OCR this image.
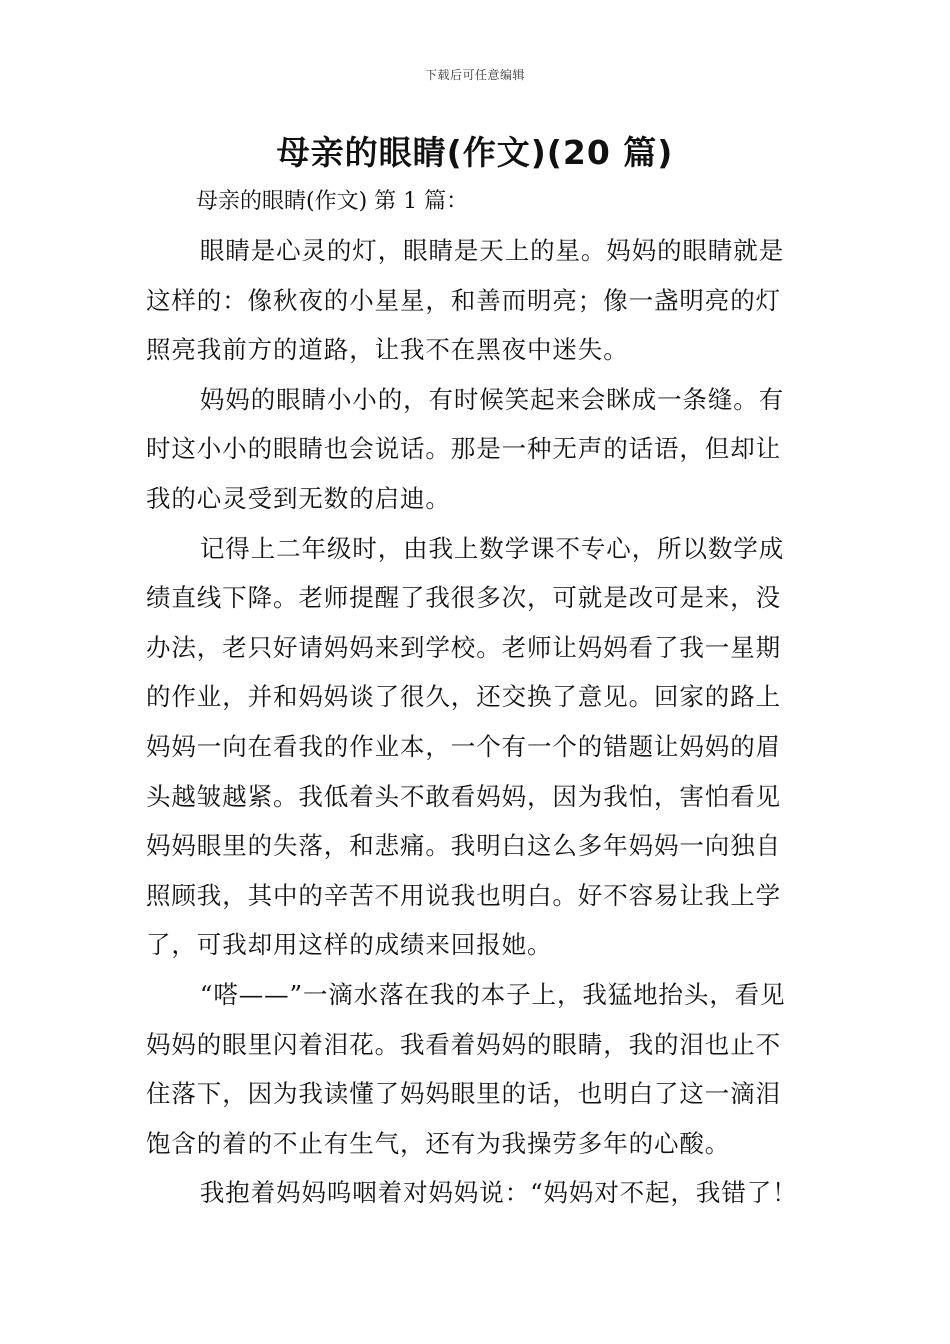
下载后可任意编辑
母亲的眼睛(作文)(20 篇)
母亲的眼睛(作文) 第 1 篇：

眼睛是心灵的灯，眼睛是天上的星。妈妈的眼睛就是这样的：像秋夜的小星星，和善而明亮；像一盏明亮的灯照亮我前方的道路，让我不在黑夜中迷失。

妈妈的眼睛小小的，有时候笑起来会眯成一条缝。有时这小小的眼睛也会说话。那是一种无声的话语，但却让我的心灵受到无数的启迪。

记得上二年级时，由我上数学课不专心，所以数学成绩直线下降。老师提醒了我很多次，可就是改可是来，没办法，老只好请妈妈来到学校。老师让妈妈看了我一星期的作业，并和妈妈谈了很久，还交换了意见。回家的路上妈妈一向在看我的作业本，一个有一个的错题让妈妈的眉头越皱越紧。我低着头不敢看妈妈，因为我怕，害怕看见妈妈眼里的失落，和悲痛。我明白这么多年妈妈一向独自照顾我，其中的辛苦不用说我也明白。好不容易让我上学了，可我却用这样的成绩来回报她。

“嗒——”一滴水落在我的本子上，我猛地抬头，看见妈妈的眼里闪着泪花。我看着妈妈的眼睛，我的泪也止不住落下，因为我读懂了妈妈眼里的话，也明白了这一滴泪饱含的着的不止有生气，还有为我操劳多年的心酸。

我抱着妈妈呜咽着对妈妈说：“妈妈对不起，我错了！
